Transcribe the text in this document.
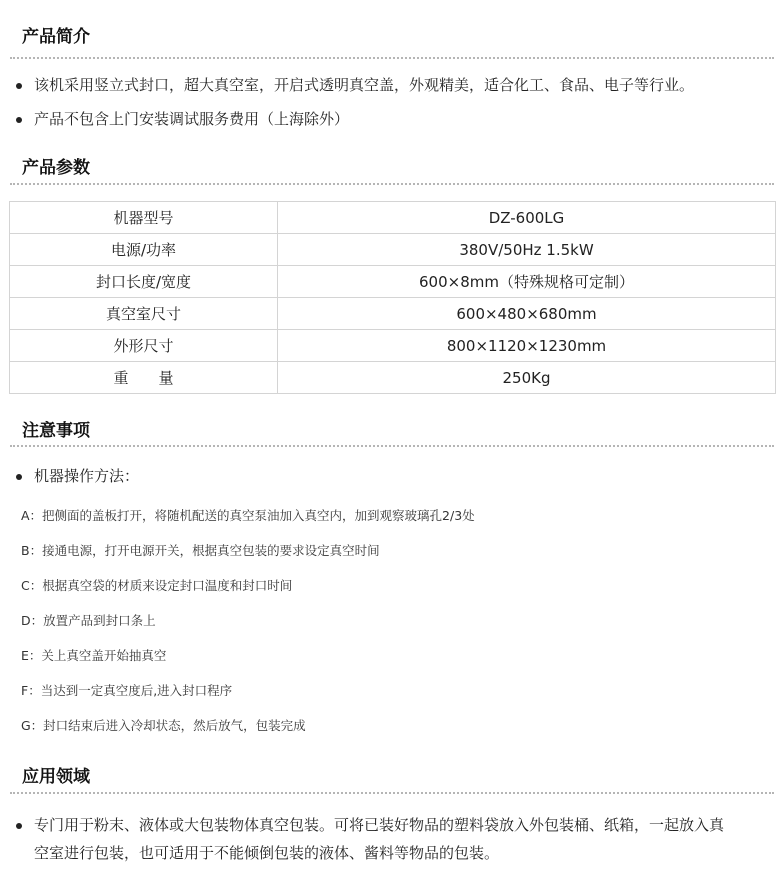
产品简介
该机采用竖立式封口，超大真空室，开启式透明真空盖，外观精美，适合化工、食品、电子等行业。
产品不包含上门安装调试服务费用（上海除外）
产品参数
机器型号	DZ-600LG
电源/功率	380V/50Hz 1.5kW
封口长度/宽度	600×8mm（特殊规格可定制）
真空室尺寸	600×480×680mm
外形尺寸	800×1120×1230mm
重　　量	250Kg
注意事项
机器操作方法：
A：把侧面的盖板打开，将随机配送的真空泵油加入真空内，加到观察玻璃孔2/3处
B：接通电源，打开电源开关，根据真空包装的要求设定真空时间
C：根据真空袋的材质来设定封口温度和封口时间
D：放置产品到封口条上
E：关上真空盖开始抽真空
F：当达到一定真空度后,进入封口程序
G：封口结束后进入冷却状态，然后放气，包装完成
应用领域
专门用于粉末、液体或大包装物体真空包装。可将已装好物品的塑料袋放入外包装桶、纸箱，一起放入真
空室进行包装，也可适用于不能倾倒包装的液体、酱料等物品的包装。
